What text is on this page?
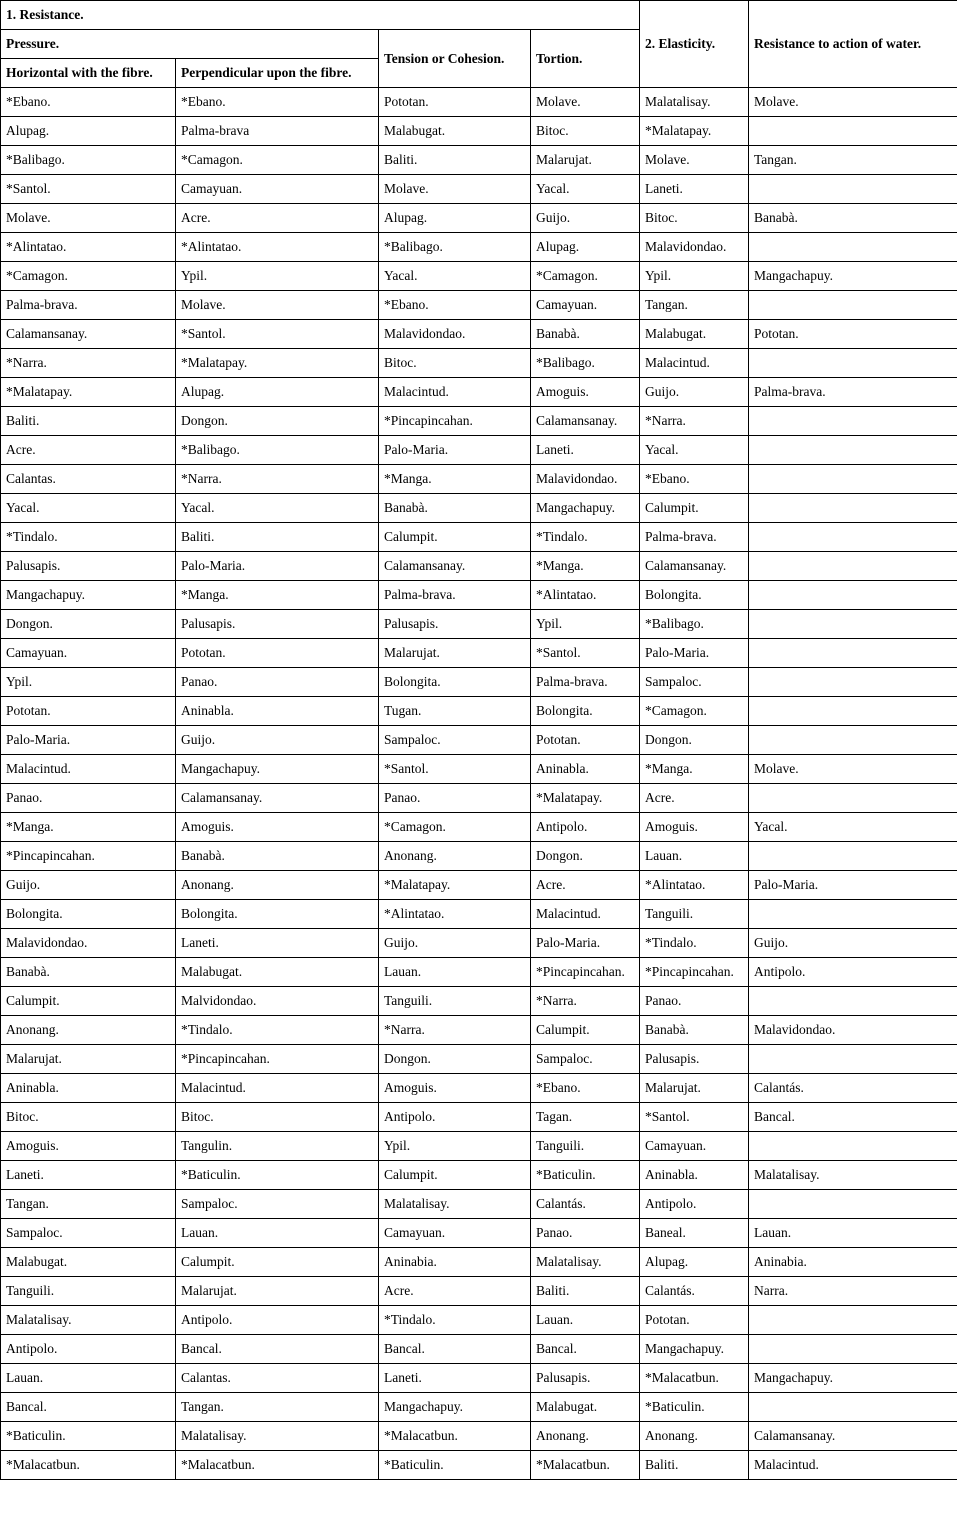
1. Resistance.				2. Elasticity.	Resistance to action of water.
Pressure.		Tension or Cohesion.	Tortion.		
Horizontal with the fibre.	Perpendicular upon the fibre.				
*Ebano.	*Ebano.	Pototan.	Molave.	Malatalisay.	Molave.
Alupag.	Palma-brava	Malabugat.	Bitoc.	*Malatapay.	
*Balibago.	*Camagon.	Baliti.	Malarujat.	Molave.	Tangan.
*Santol.	Camayuan.	Molave.	Yacal.	Laneti.	
Molave.	Acre.	Alupag.	Guijo.	Bitoc.	Banabà.
*Alintatao.	*Alintatao.	*Balibago.	Alupag.	Malavidondao.	
*Camagon.	Ypil.	Yacal.	*Camagon.	Ypil.	Mangachapuy.
Palma-brava.	Molave.	*Ebano.	Camayuan.	Tangan.	
Calamansanay.	*Santol.	Malavidondao.	Banabà.	Malabugat.	Pototan.
*Narra.	*Malatapay.	Bitoc.	*Balibago.	Malacintud.	
*Malatapay.	Alupag.	Malacintud.	Amoguis.	Guijo.	Palma-brava.
Baliti.	Dongon.	*Pincapincahan.	Calamansanay.	*Narra.	
Acre.	*Balibago.	Palo-Maria.	Laneti.	Yacal.	
Calantas.	*Narra.	*Manga.	Malavidondao.	*Ebano.	
Yacal.	Yacal.	Banabà.	Mangachapuy.	Calumpit.	
*Tindalo.	Baliti.	Calumpit.	*Tindalo.	Palma-brava.	
Palusapis.	Palo-Maria.	Calamansanay.	*Manga.	Calamansanay.	
Mangachapuy.	*Manga.	Palma-brava.	*Alintatao.	Bolongita.	
Dongon.	Palusapis.	Palusapis.	Ypil.	*Balibago.	
Camayuan.	Pototan.	Malarujat.	*Santol.	Palo-Maria.	
Ypil.	Panao.	Bolongita.	Palma-brava.	Sampaloc.	
Pototan.	Aninabla.	Tugan.	Bolongita.	*Camagon.	
Palo-Maria.	Guijo.	Sampaloc.	Pototan.	Dongon.	
Malacintud.	Mangachapuy.	*Santol.	Aninabla.	*Manga.	Molave.
Panao.	Calamansanay.	Panao.	*Malatapay.	Acre.	
*Manga.	Amoguis.	*Camagon.	Antipolo.	Amoguis.	Yacal.
*Pincapincahan.	Banabà.	Anonang.	Dongon.	Lauan.	
Guijo.	Anonang.	*Malatapay.	Acre.	*Alintatao.	Palo-Maria.
Bolongita.	Bolongita.	*Alintatao.	Malacintud.	Tanguili.	
Malavidondao.	Laneti.	Guijo.	Palo-Maria.	*Tindalo.	Guijo.
Banabà.	Malabugat.	Lauan.	*Pincapincahan.	*Pincapincahan.	Antipolo.
Calumpit.	Malvidondao.	Tanguili.	*Narra.	Panao.	
Anonang.	*Tindalo.	*Narra.	Calumpit.	Banabà.	Malavidondao.
Malarujat.	*Pincapincahan.	Dongon.	Sampaloc.	Palusapis.	
Aninabla.	Malacintud.	Amoguis.	*Ebano.	Malarujat.	Calantás.
Bitoc.	Bitoc.	Antipolo.	Tagan.	*Santol.	Bancal.
Amoguis.	Tangulin.	Ypil.	Tanguili.	Camayuan.	
Laneti.	*Baticulin.	Calumpit.	*Baticulin.	Aninabla.	Malatalisay.
Tangan.	Sampaloc.	Malatalisay.	Calantás.	Antipolo.	
Sampaloc.	Lauan.	Camayuan.	Panao.	Baneal.	Lauan.
Malabugat.	Calumpit.	Aninabia.	Malatalisay.	Alupag.	Aninabia.
Tanguili.	Malarujat.	Acre.	Baliti.	Calantás.	Narra.
Malatalisay.	Antipolo.	*Tindalo.	Lauan.	Pototan.	
Antipolo.	Bancal.	Bancal.	Bancal.	Mangachapuy.	
Lauan.	Calantas.	Laneti.	Palusapis.	*Malacatbun.	Mangachapuy.
Bancal.	Tangan.	Mangachapuy.	Malabugat.	*Baticulin.	
*Baticulin.	Malatalisay.	*Malacatbun.	Anonang.	Anonang.	Calamansanay.
*Malacatbun.	*Malacatbun.	*Baticulin.	*Malacatbun.	Baliti.	Malacintud.
